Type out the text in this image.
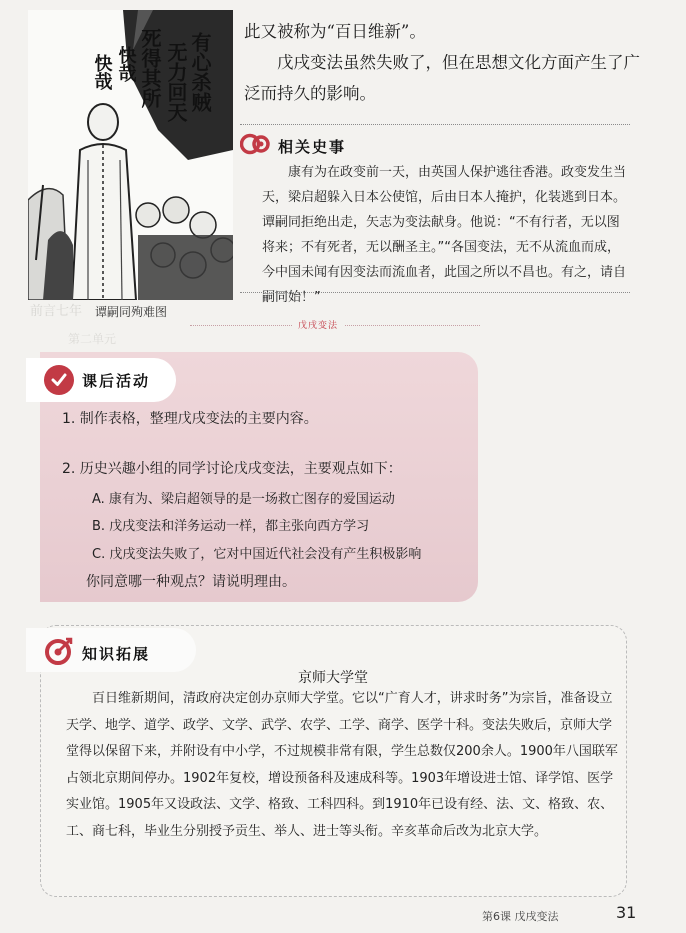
有心杀贼
无力回天
死得其所
快哉
快哉
前言七年
第二单元
谭嗣同殉难图
此又被称为“百日维新”。
戊戌变法虽然失败了，但在思想文化方面产生了广泛而持久的影响。
相关史事
康有为在政变前一天，由英国人保护逃往香港。政变发生当天，梁启超躲入日本公使馆，后由日本人掩护，化装逃到日本。谭嗣同拒绝出走，矢志为变法献身。他说：“不有行者，无以图将来；不有死者，无以酬圣主。”“各国变法，无不从流血而成，今中国未闻有因变法而流血者，此国之所以不昌也。有之，请自嗣同始！”
戊戌变法
课后活动
1. 制作表格，整理戊戌变法的主要内容。
2. 历史兴趣小组的同学讨论戊戌变法，主要观点如下：
A. 康有为、梁启超领导的是一场救亡图存的爱国运动
B. 戊戌变法和洋务运动一样，都主张向西方学习
C. 戊戌变法失败了，它对中国近代社会没有产生积极影响
你同意哪一种观点？请说明理由。
知识拓展
京师大学堂
百日维新期间，清政府决定创办京师大学堂。它以“广育人才，讲求时务”为宗旨，准备设立天学、地学、道学、政学、文学、武学、农学、工学、商学、医学十科。变法失败后，京师大学堂得以保留下来，并附设有中小学，不过规模非常有限，学生总数仅200余人。1900年八国联军占领北京期间停办。1902年复校，增设预备科及速成科等。1903年增设进士馆、译学馆、医学实业馆。1905年又设政法、文学、格致、工科四科。到1910年已设有经、法、文、格致、农、工、商七科，毕业生分别授予贡生、举人、进士等头衔。辛亥革命后改为北京大学。
第6课 戊戌变法	31
